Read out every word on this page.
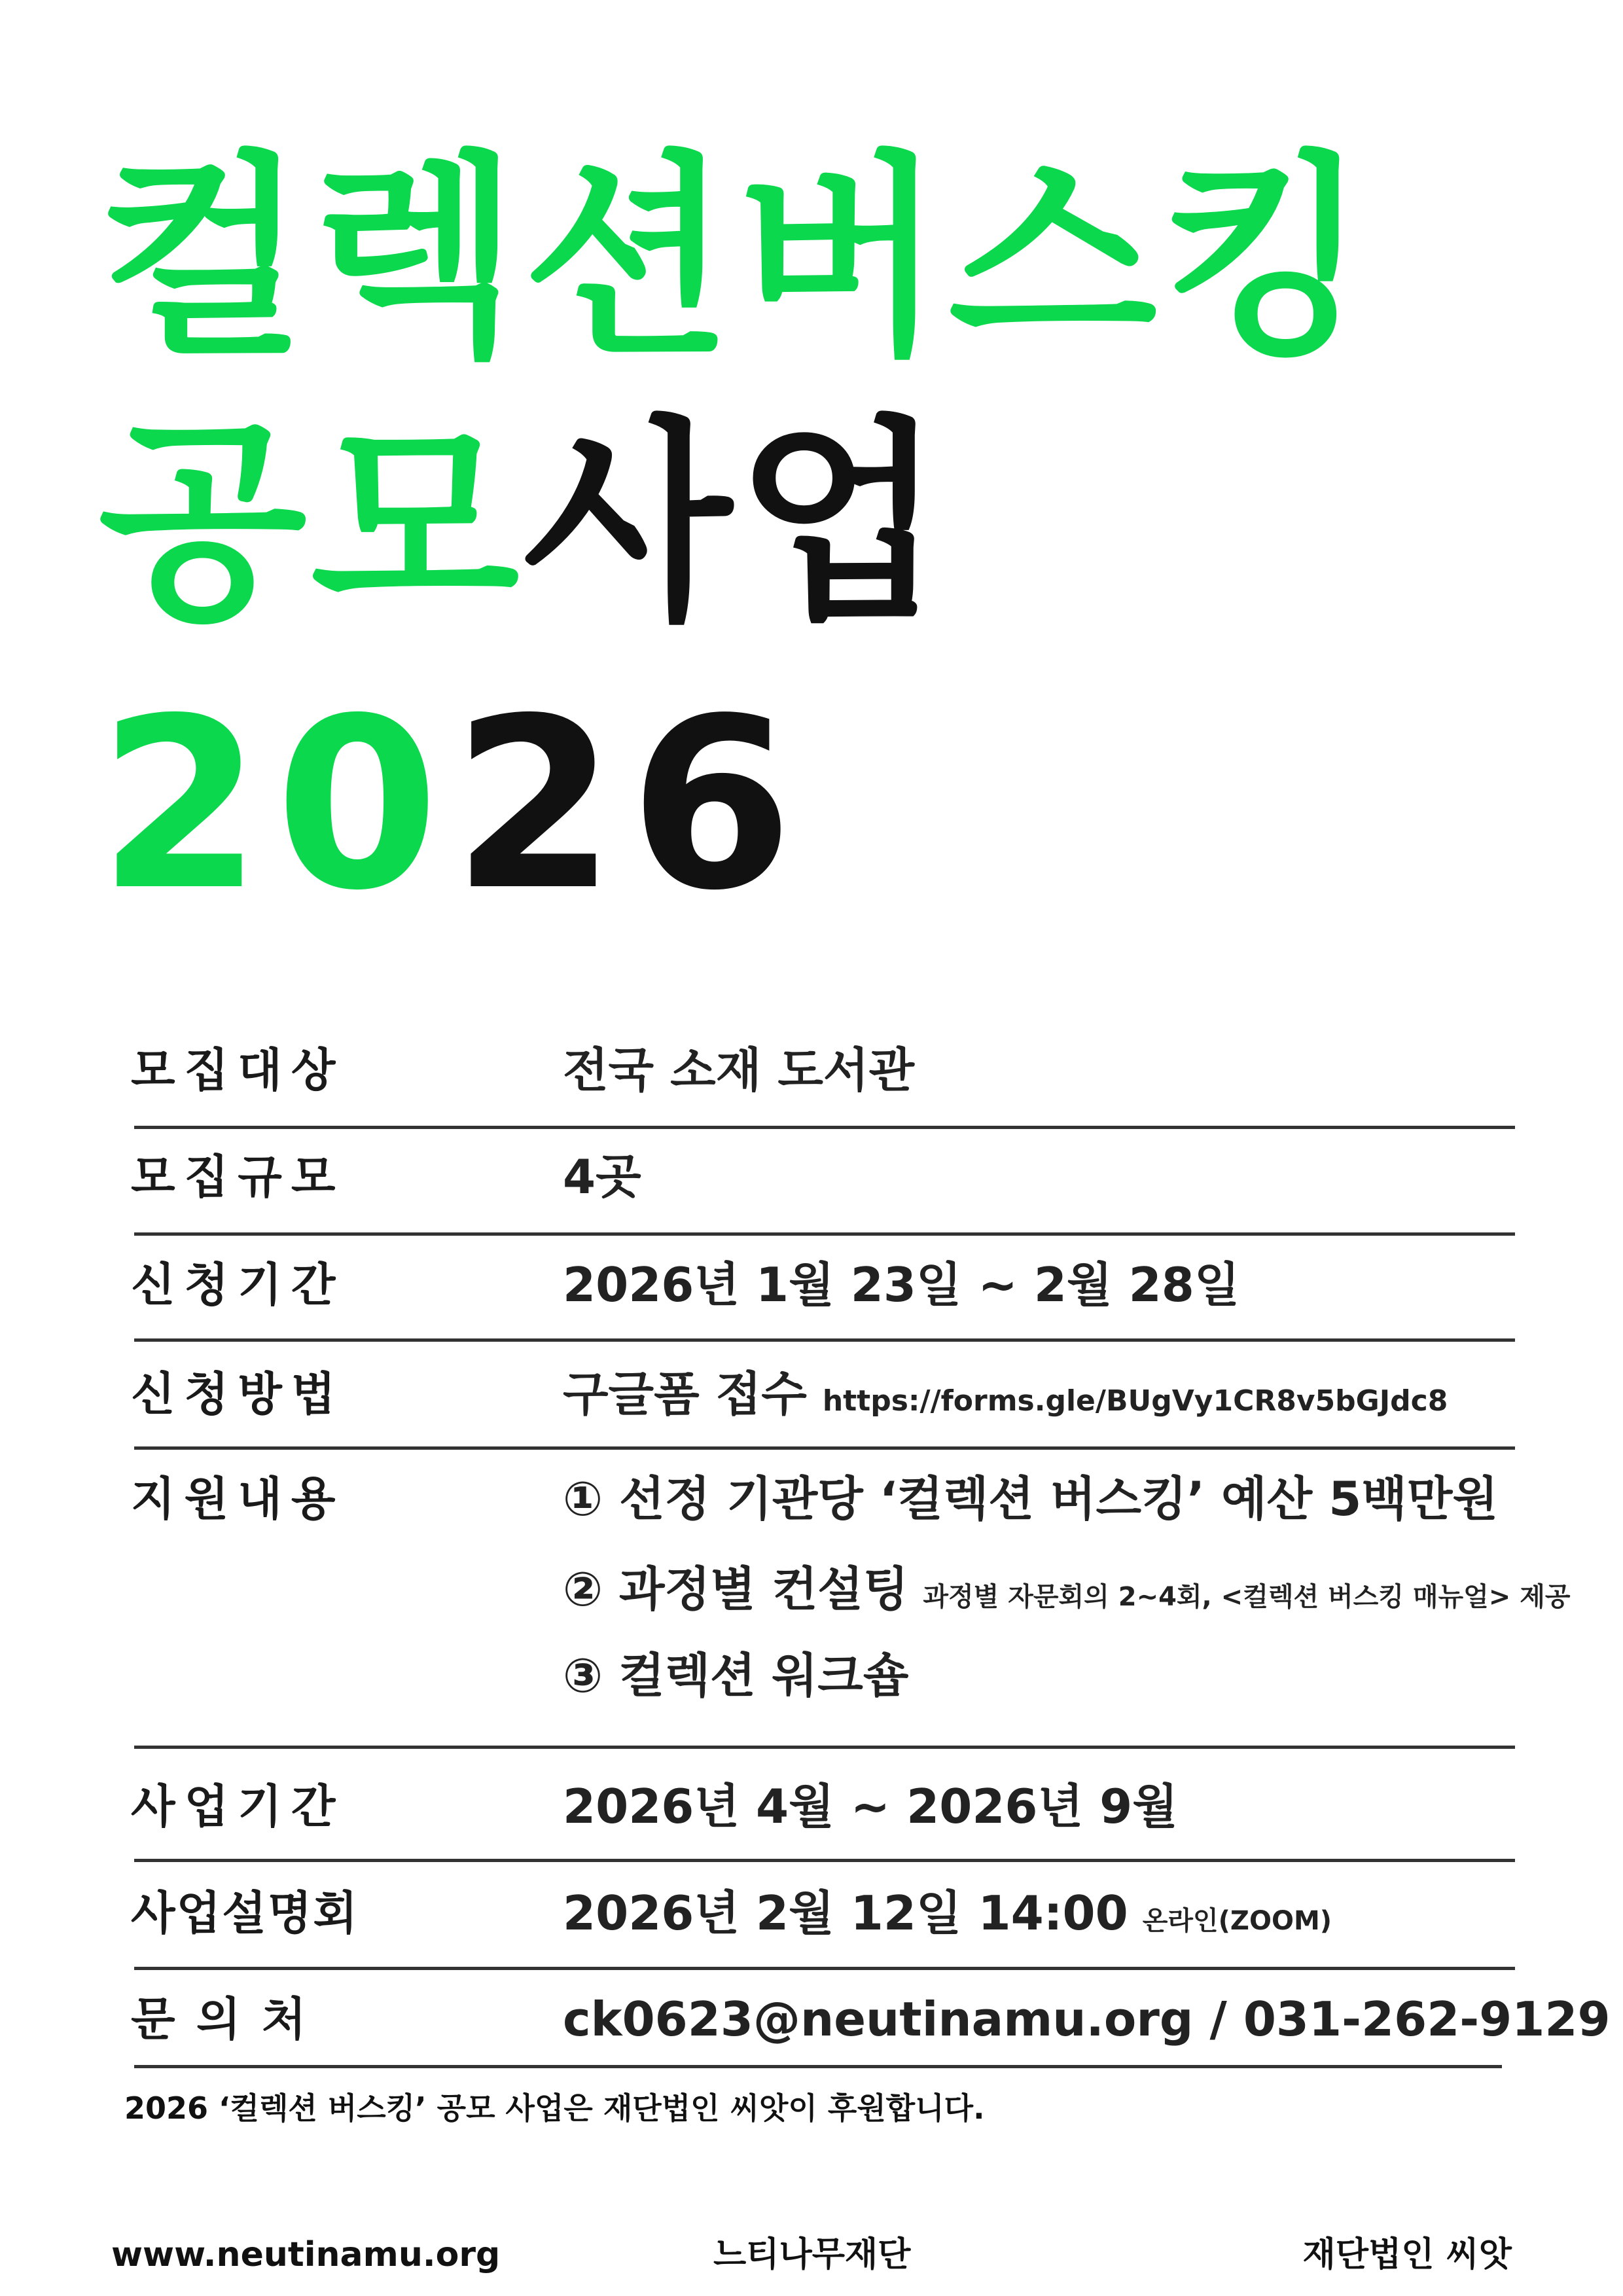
컬렉션버스킹
공모사업
2026
모집대상	전국 소재 도서관
모집규모	4곳
신청기간	2026년 1월 23일 ~ 2월 28일
신청방법	구글폼 접수 https://forms.gle/BUgVy1CR8v5bGJdc8
지원내용	① 선정 기관당 ‘컬렉션 버스킹’ 예산 5백만원
② 과정별 컨설팅 과정별 자문회의 2~4회, <컬렉션 버스킹 매뉴얼> 제공
③ 컬렉션 워크숍
사업기간	2026년 4월 ~ 2026년 9월
사업설명회	2026년 2월 12일 14:00 온라인(ZOOM)
문 의 처	ck0623@neutinamu.org / 031-262-9129
2026 ‘컬렉션 버스킹’ 공모 사업은 재단법인 씨앗이 후원합니다.
www.neutinamu.org	느티나무재단	재단법인 씨앗
